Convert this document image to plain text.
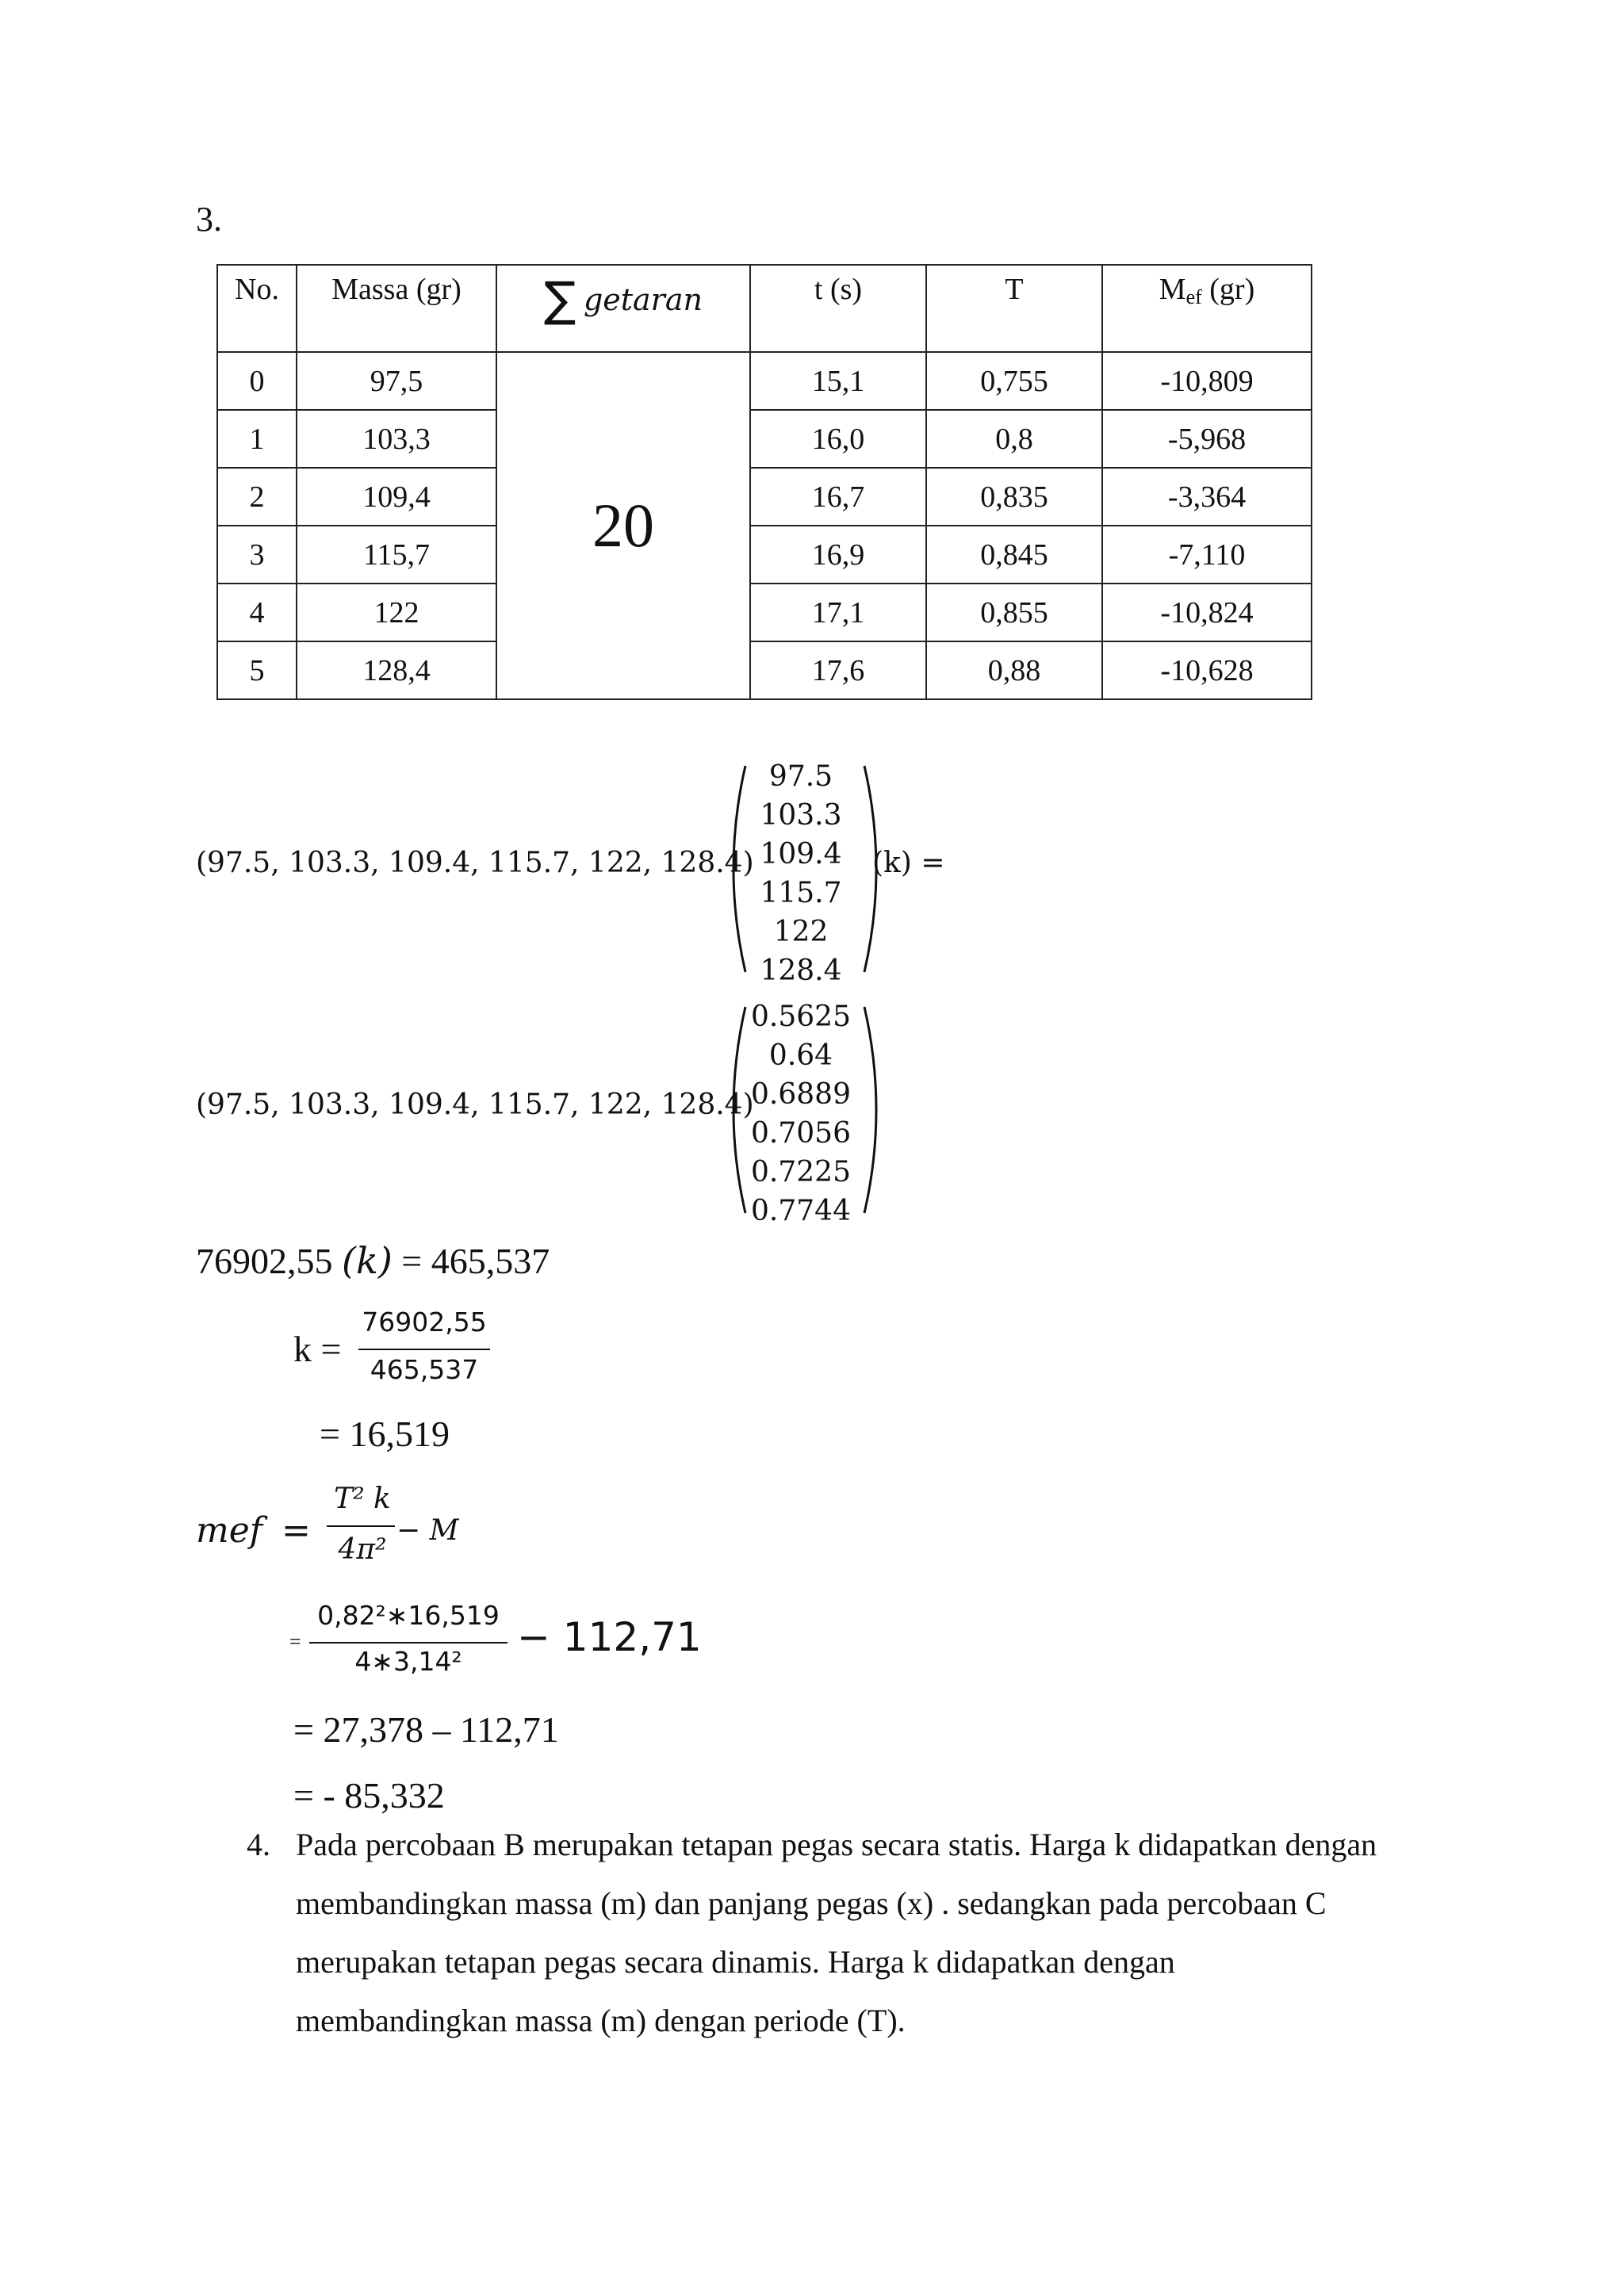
3.
No.	Massa (gr)	∑ getaran	t (s)	T	$M_{ef}$ (gr)
0	97,5	20	15,1	0,755	-10,809
1	103,3		16,0	0,8	-5,968
2	109,4		16,7	0,835	-3,364
3	115,7		16,9	0,845	-7,110
4	122		17,1	0,855	-10,824
5	128,4		17,6	0,88	-10,628
(97.5, 103.3, 109.4, 115.7, 122, 128.4)
97.5
103.3
109.4
115.7
122
128.4
(k) =
(97.5, 103.3, 109.4, 115.7, 122, 128.4)
0.5625
0.64
0.6889
0.7056
0.7225
0.7744
76902,55 (k) = 465,537
k =
76902,55
465,537
= 16,519
mef =
T² k
4π²
− M
=
0,82²∗16,519
4∗3,14²
− 112,71
= 27,378 – 112,71
= - 85,332
4. Pada percobaan B merupakan tetapan pegas secara statis. Harga k didapatkan dengan
membandingkan massa (m) dan panjang pegas (x) . sedangkan pada percobaan C
merupakan tetapan pegas secara dinamis. Harga k didapatkan dengan
membandingkan massa (m) dengan periode (T).
